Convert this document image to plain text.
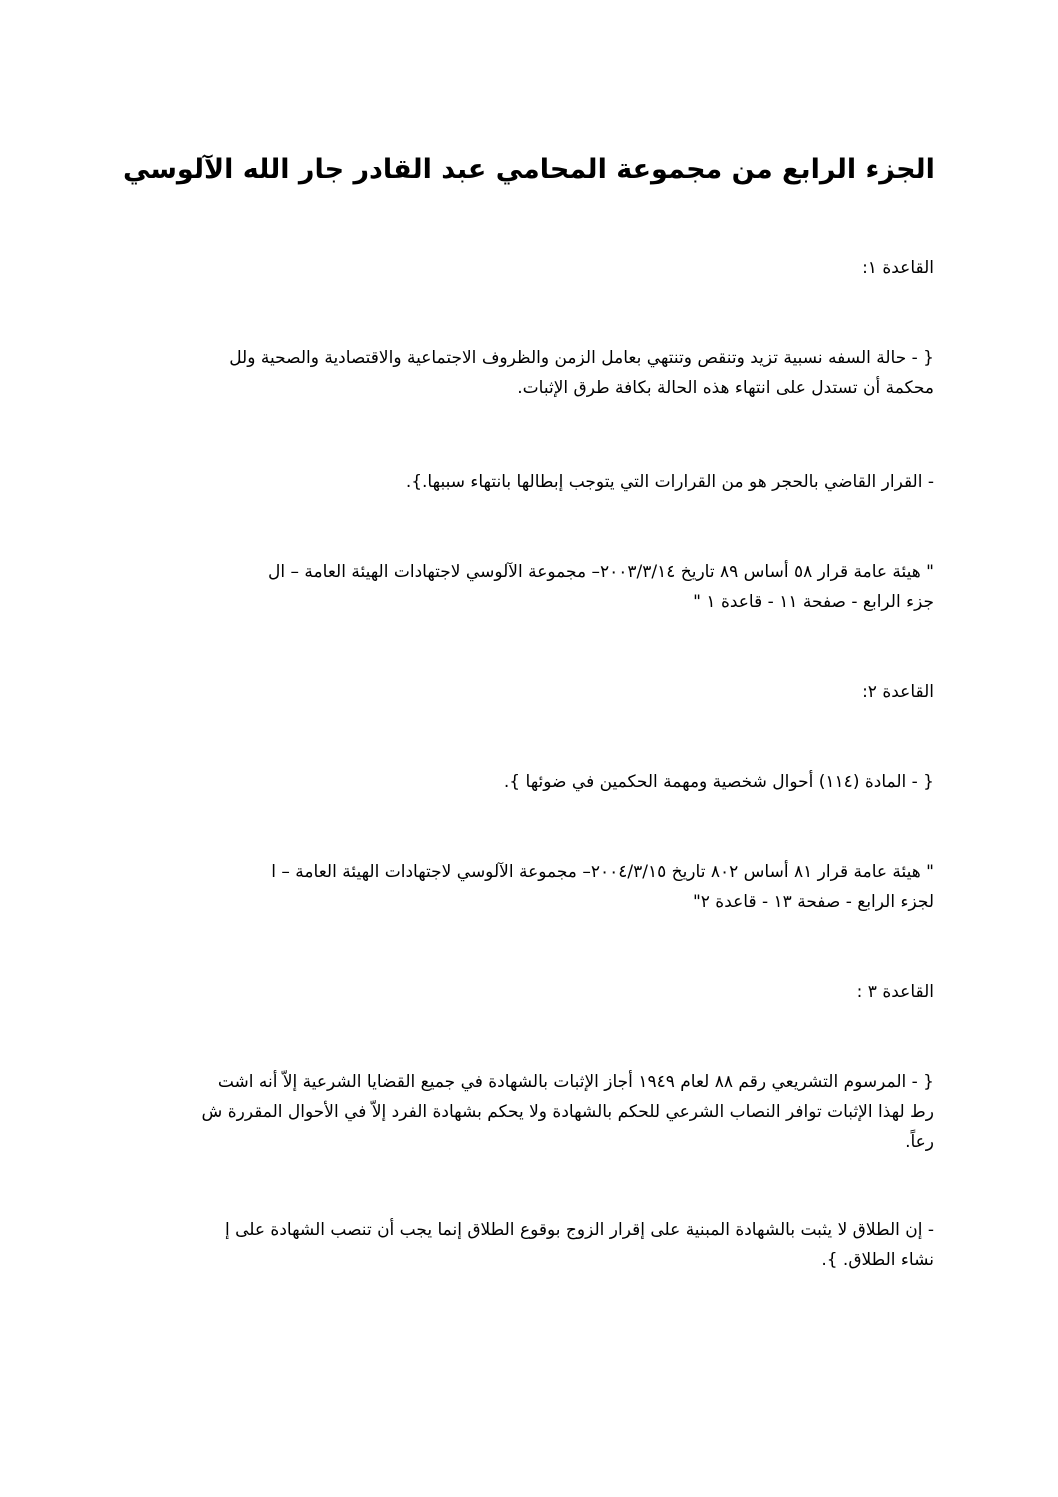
الجزء الرابع من مجموعة المحامي عبد القادر جار الله الآلوسي

القاعدة ١:

{ - حالة السفه نسبية تزيد وتنقص وتنتهي بعامل الزمن والظروف الاجتماعية والاقتصادية والصحية ولل
محكمة أن تستدل على انتهاء هذه الحالة بكافة طرق الإثبات.

- القرار القاضي بالحجر هو من القرارات التي يتوجب إبطالها بانتهاء سببها.}.

" هيئة عامة قرار ٥٨ أساس ٨٩ تاريخ ٢٠٠٣/٣/١٤– مجموعة الآلوسي لاجتهادات الهيئة العامة – ال
جزء الرابع - صفحة ١١ - قاعدة ١ "

القاعدة ٢:

{ - المادة (١١٤) أحوال شخصية ومهمة الحكمين في ضوئها }.

" هيئة عامة قرار ٨١ أساس ٨٠٢ تاريخ ٢٠٠٤/٣/١٥– مجموعة الآلوسي لاجتهادات الهيئة العامة – ا
لجزء الرابع - صفحة ١٣ - قاعدة ٢"

القاعدة ٣ :

{ - المرسوم التشريعي رقم ٨٨ لعام ١٩٤٩ أجاز الإثبات بالشهادة في جميع القضايا الشرعية إلاّ أنه اشت
رط لهذا الإثبات توافر النصاب الشرعي للحكم بالشهادة ولا يحكم بشهادة الفرد إلاّ في الأحوال المقررة ش
رعاً.

- إن الطلاق لا يثبت بالشهادة المبنية على إقرار الزوج بوقوع الطلاق إنما يجب أن تنصب الشهادة على إ
نشاء الطلاق. }.
